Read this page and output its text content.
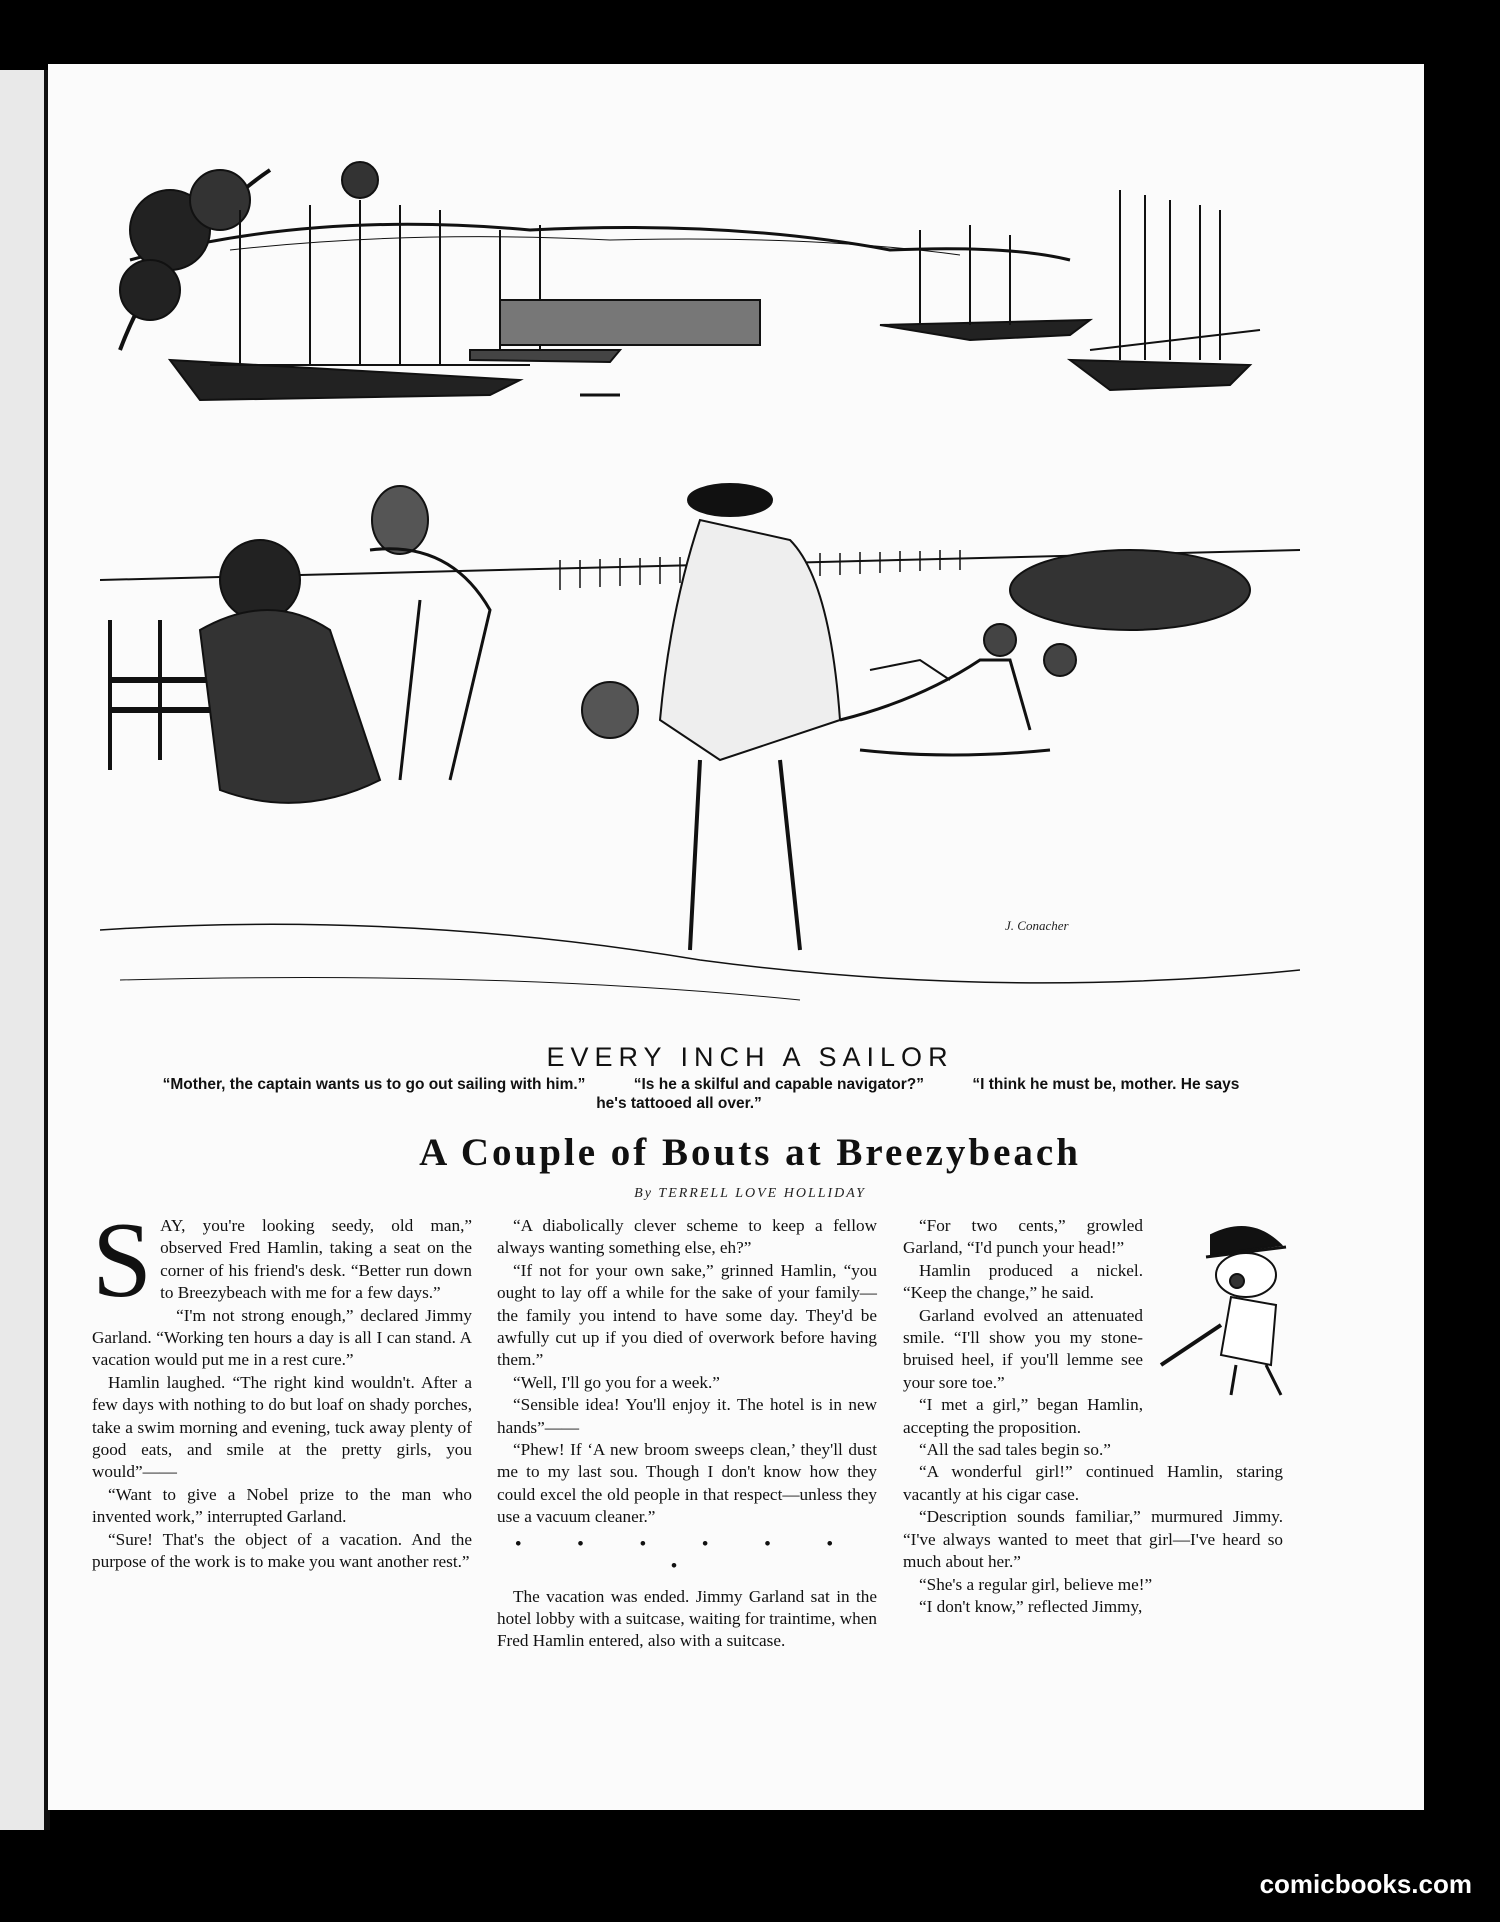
J. Conacher
EVERY INCH A SAILOR
“Mother, the captain wants us to go out sailing with him.”	“Is he a skilful and capable navigator?”	“I think he must be, mother. He says he's tattooed all over.”
A Couple of Bouts at Breezybeach
By TERRELL LOVE HOLLIDAY
S AY, you're looking seedy, old man,” observed Fred Hamlin, taking a seat on the corner of his friend's desk. “Better run down to Breezybeach with me for a few days.”

“I'm not strong enough,” declared Jimmy Garland. “Working ten hours a day is all I can stand. A vacation would put me in a rest cure.”

Hamlin laughed. “The right kind wouldn't. After a few days with nothing to do but loaf on shady porches, take a swim morning and evening, tuck away plenty of good eats, and smile at the pretty girls, you would”——

“Want to give a Nobel prize to the man who invented work,” interrupted Garland.

“Sure! That's the object of a vacation. And the purpose of the work is to make you want another rest.”

“A diabolically clever scheme to keep a fellow always wanting something else, eh?”

“If not for your own sake,” grinned Hamlin, “you ought to lay off a while for the sake of your family—the family you intend to have some day. They'd be awfully cut up if you died of overwork before having them.”

“Well, I'll go you for a week.”

“Sensible idea! You'll enjoy it. The hotel is in new hands”——

“Phew! If ‘A new broom sweeps clean,’ they'll dust me to my last sou. Though I don't know how they could excel the old people in that respect—unless they use a vacuum cleaner.”

• • • • • • •

The vacation was ended. Jimmy Garland sat in the hotel lobby with a suitcase, waiting for traintime, when Fred Hamlin entered, also with a suitcase.

“For two cents,” growled Garland, “I'd punch your head!”

Hamlin produced a nickel. “Keep the change,” he said.

Garland evolved an attenuated smile. “I'll show you my stone-bruised heel, if you'll lemme see your sore toe.”

“I met a girl,” began Hamlin, accepting the proposition.

“All the sad tales begin so.”

“A wonderful girl!” continued Hamlin, staring vacantly at his cigar case.

“Description sounds familiar,” murmured Jimmy. “I've always wanted to meet that girl—I've heard so much about her.”

“She's a regular girl, believe me!”

“I don't know,” reflected Jimmy,

comicbooks.com
